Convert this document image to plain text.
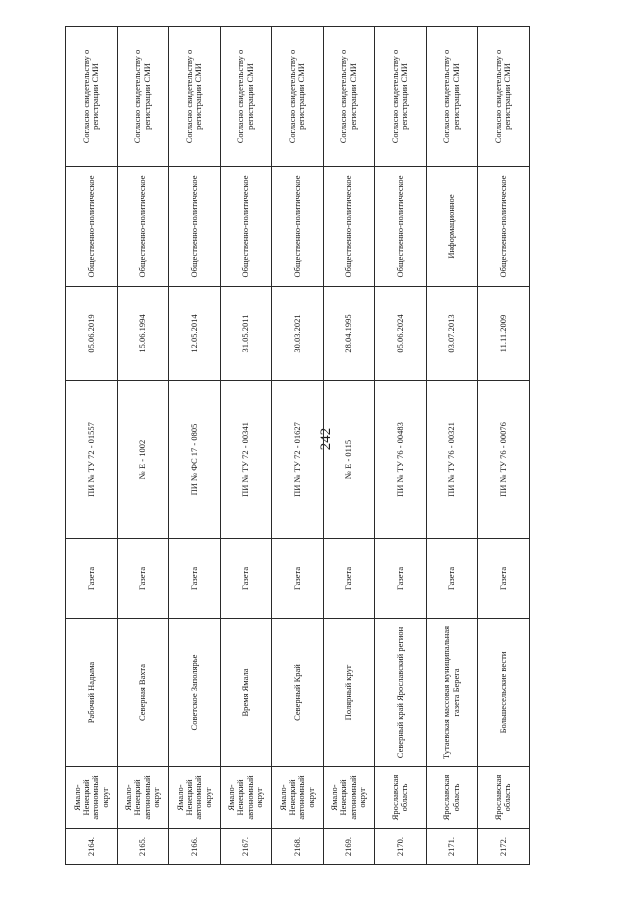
242
2164.	Ямало-Ненецкий автономный округ	Рабочий Надыма	Газета	ПИ № ТУ 72 - 01557	05.06.2019	Общественно-политическое	Согласно свидетельству о регистрации СМИ
2165.	Ямало-Ненецкий автономный округ	Северная Вахта	Газета	№ Е - 1002	15.06.1994	Общественно-политическое	Согласно свидетельству о регистрации СМИ
2166.	Ямало-Ненецкий автономный округ	Советское Заполярье	Газета	ПИ № ФС 17 - 0805	12.05.2014	Общественно-политическое	Согласно свидетельству о регистрации СМИ
2167.	Ямало-Ненецкий автономный округ	Время Ямала	Газета	ПИ № ТУ 72 - 00341	31.05.2011	Общественно-политическое	Согласно свидетельству о регистрации СМИ
2168.	Ямало-Ненецкий автономный округ	Северный Край	Газета	ПИ № ТУ 72 - 01627	30.03.2021	Общественно-политическое	Согласно свидетельству о регистрации СМИ
2169.	Ямало-Ненецкий автономный округ	Полярный круг	Газета	№ Е - 0115	28.04.1995	Общественно-политическое	Согласно свидетельству о регистрации СМИ
2170.	Ярославская область	Северный край Ярославский регион	Газета	ПИ № ТУ 76 - 00483	05.06.2024	Общественно-политическое	Согласно свидетельству о регистрации СМИ
2171.	Ярославская область	Тутаевская массовая муниципальная газета Берега	Газета	ПИ № ТУ 76 - 00321	03.07.2013	Информационное	Согласно свидетельству о регистрации СМИ
2172.	Ярославская область	Большесельские вести	Газета	ПИ № ТУ 76 - 00076	11.11.2009	Общественно-политическое	Согласно свидетельству о регистрации СМИ
